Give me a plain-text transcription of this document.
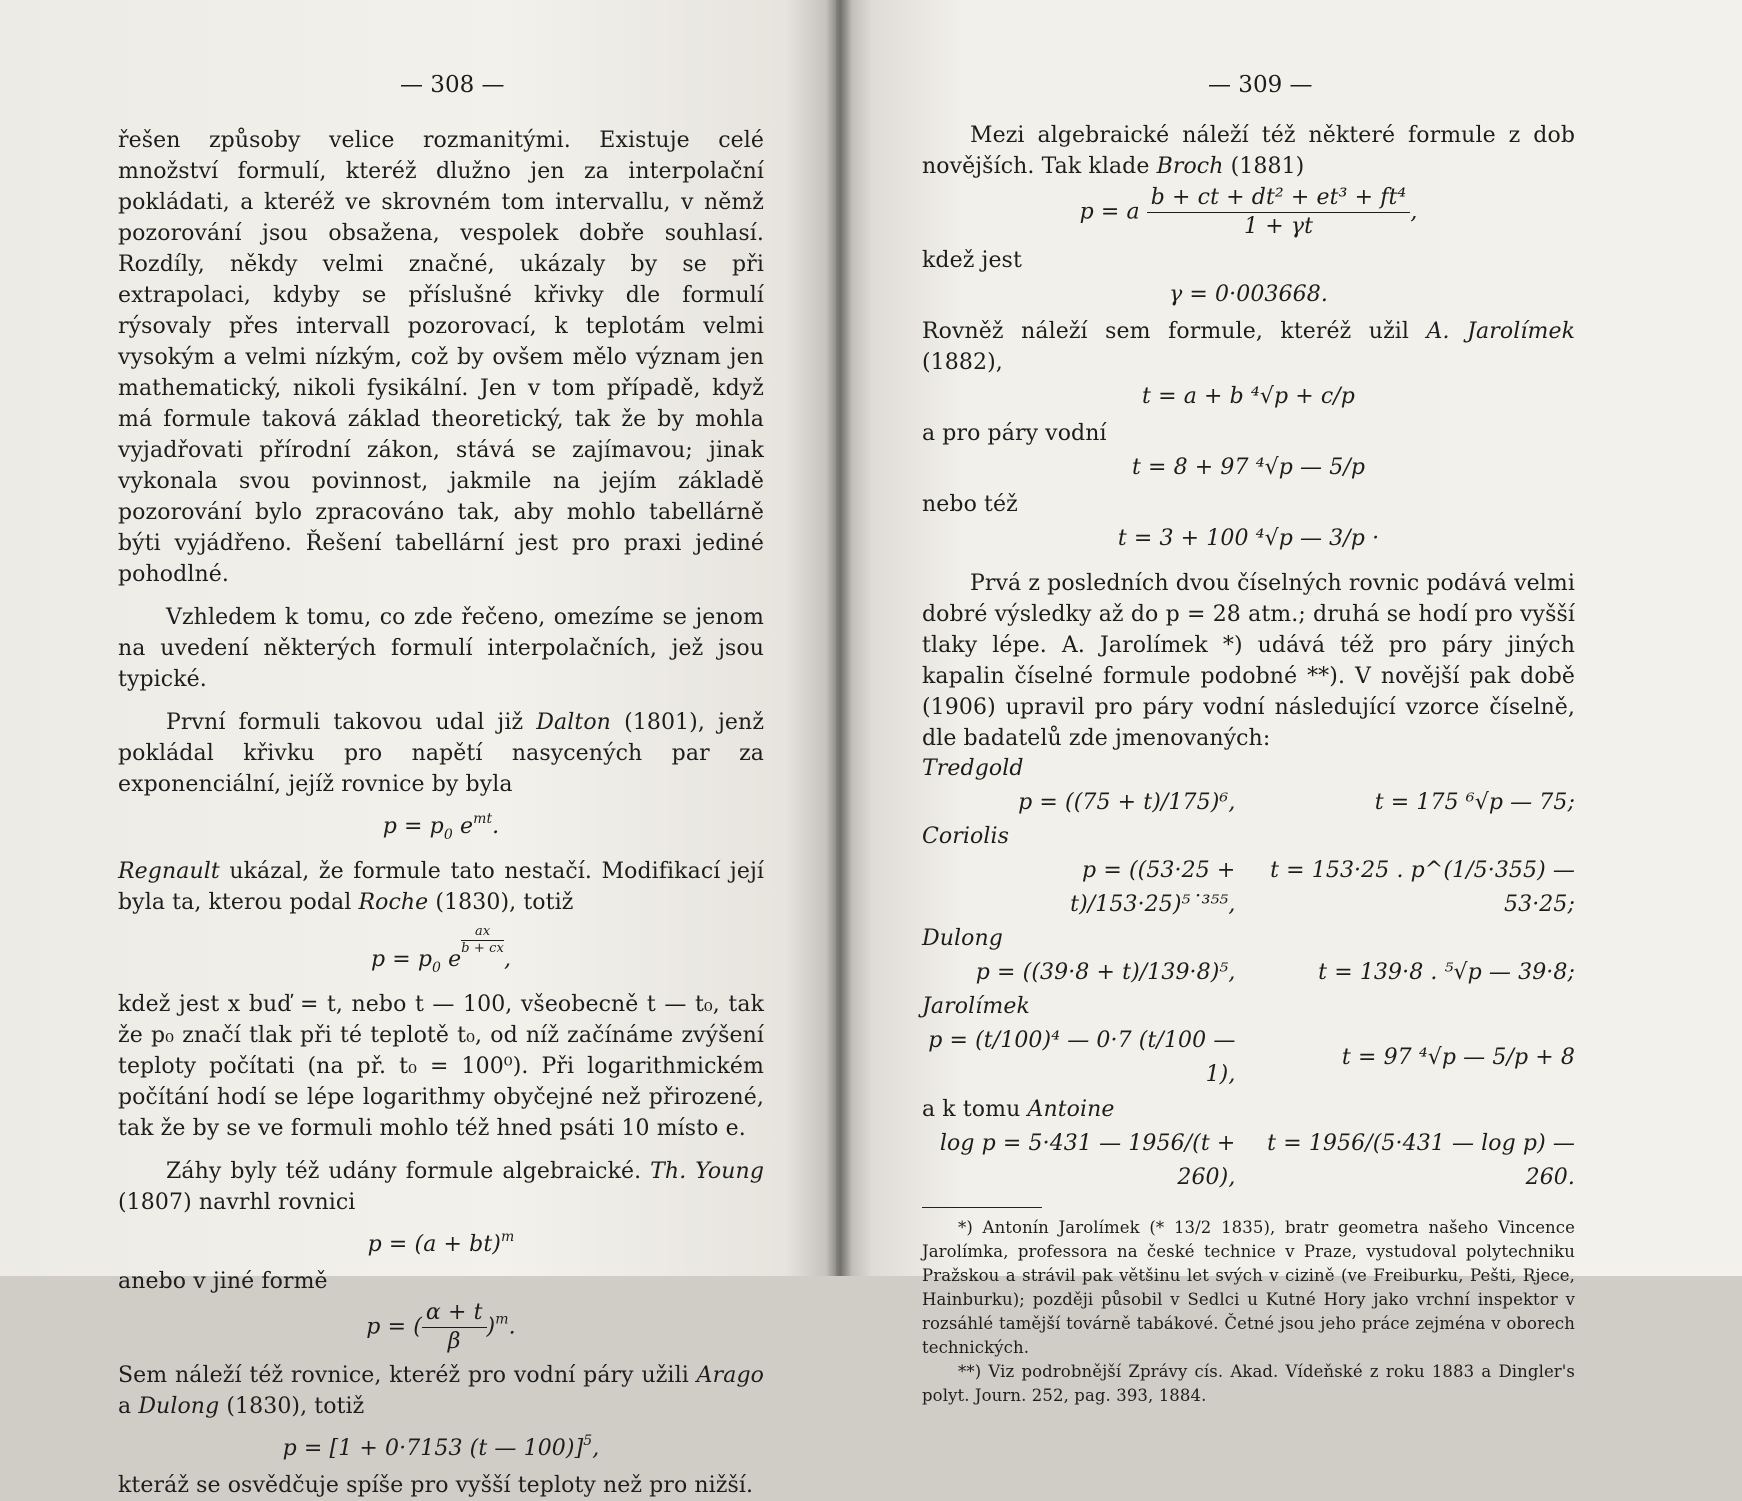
— 308 —

řešen způsoby velice rozmanitými. Existuje celé množství formulí, kteréž dlužno jen za interpolační pokládati, a kteréž ve skrovném tom intervallu, v němž pozorování jsou obsažena, vespolek dobře souhlasí. Rozdíly, někdy velmi značné, ukázaly by se při extrapolaci, kdyby se příslušné křivky dle formulí rýsovaly přes intervall pozorovací, k teplotám velmi vysokým a velmi nízkým, což by ovšem mělo význam jen mathematický, nikoli fysikální. Jen v tom případě, když má formule taková základ theoretický, tak že by mohla vyjadřovati přírodní zákon, stává se zajímavou; jinak vykonala svou povinnost, jakmile na jejím základě pozorování bylo zpracováno tak, aby mohlo tabellárně býti vyjádřeno. Řešení tabellární jest pro praxi jediné pohodlné.

Vzhledem k tomu, co zde řečeno, omezíme se jenom na uvedení některých formulí interpolačních, jež jsou typické.

První formuli takovou udal již Dalton (1801), jenž pokládal křivku pro napětí nasycených par za exponenciální, jejíž rovnice by byla

$p = p_0$ $e^{mt}$.

Regnault ukázal, že formule tato nestačí. Modifikací její byla ta, kterou podal Roche (1830), totiž

$p = p_0$ e
$\frac{ax}{b + cx}$
,

kdež jest x buď = t, nebo t — 100, všeobecně t — t₀, tak že p₀ značí tlak při té teplotě t₀, od níž začínáme zvýšení teploty počítati (na př. t₀ = 100⁰). Při logarithmickém počítání hodí se lépe logarithmy obyčejné než přirozené, tak že by se ve formuli mohlo též hned psáti 10 místo e.

Záhy byly též udány formule algebraické. Th. Young (1807) navrhl rovnici

p = (a + bt)$^m$

anebo v jiné formě

p = ( $\frac{\alpha + t}{\beta} )^m$.

Sem náleží též rovnice, kteréž pro vodní páry užili Arago a Dulong (1830), totiž

p = [1 + 0·7153 (t — 100)]$^5$,

kteráž se osvědčuje spíše pro vyšší teploty než pro nižší.

— 309 —

Mezi algebraické náleží též některé formule z dob novějších. Tak klade Broch (1881)

p = a $\frac{\text{b + ct + dt² + et³ + ft⁴}}{1 + \gamma t}$ ,

kdež jest

γ = 0·003668.

Rovněž náleží sem formule, kteréž užil A. Jarolímek (1882),

t = a + b ⁴√p + c/p

a pro páry vodní

t = 8 + 97 ⁴√p — 5/p

nebo též

t = 3 + 100 ⁴√p — 3/p ·

Prvá z posledních dvou číselných rovnic podává velmi dobré výsledky až do p = 28 atm.; druhá se hodí pro vyšší tlaky lépe. A. Jarolímek *) udává též pro páry jiných kapalin číselné formule podobné **). V novější pak době (1906) upravil pro páry vodní následující vzorce číselně, dle badatelů zde jmenovaných:

Tredgold
p = ((75 + t)/175)⁶,	t = 175 ⁶√p — 75;
Coriolis
p = ((53·25 + t)/153·25)⁵˙³⁵⁵,
t = 153·25 . p^(1/5·355) — 53·25;
Dulong
p = ((39·8 + t)/139·8)⁵,	t = 139·8 . ⁵√p — 39·8;
Jarolímek
p = (t/100)⁴ — 0·7 (t/100 — 1),
t = 97 ⁴√p — 5/p + 8

a k tomu Antoine

log p = 5·431 — 1956/(t + 260),
t = 1956/(5·431 — log p) — 260.

*) Antonín Jarolímek (* 13/2 1835), bratr geometra našeho Vincence Jarolímka, professora na české technice v Praze, vystudoval polytechniku Pražskou a strávil pak většinu let svých v cizině (ve Freiburku, Pešti, Rjece, Hainburku); později působil v Sedlci u Kutné Hory jako vrchní inspektor v rozsáhlé tamější továrně tabákové. Četné jsou jeho práce zejména v oborech technických.

**) Viz podrobnější Zprávy cís. Akad. Vídeňské z roku 1883 a Dingler's polyt. Journ. 252, pag. 393, 1884.
